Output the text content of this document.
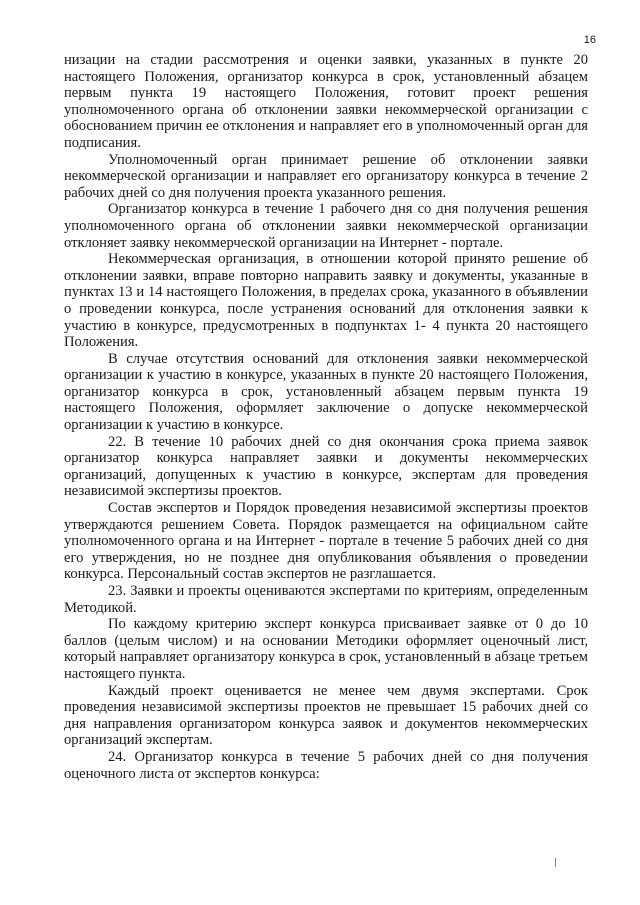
16

низации на стадии рассмотрения и оценки заявки, указанных в пункте 20 настоящего Положения, организатор конкурса в срок, установленный абзацем первым пункта 19 настоящего Положения, готовит проект решения уполномоченного органа об отклонении заявки некоммерческой организации с обоснованием причин ее отклонения и направляет его в уполномоченный орган для подписания.

Уполномоченный орган принимает решение об отклонении заявки некоммерческой организации и направляет его организатору конкурса в течение 2 рабочих дней со дня получения проекта указанного решения.

Организатор конкурса в течение 1 рабочего дня со дня получения решения уполномоченного органа об отклонении заявки некоммерческой организации отклоняет заявку некоммерческой организации на Интернет - портале.

Некоммерческая организация, в отношении которой принято решение об отклонении заявки, вправе повторно направить заявку и документы, указанные в пунктах 13 и 14 настоящего Положения, в пределах срока, указанного в объявлении о проведении конкурса, после устранения оснований для отклонения заявки к участию в конкурсе, предусмотренных в подпунктах 1- 4 пункта 20 настоящего Положения.

В случае отсутствия оснований для отклонения заявки некоммерческой организации к участию в конкурсе, указанных в пункте 20 настоящего Положения, организатор конкурса в срок, установленный абзацем первым пункта 19 настоящего Положения, оформляет заключение о допуске некоммерческой организации к участию в конкурсе.

22. В течение 10 рабочих дней со дня окончания срока приема заявок организатор конкурса направляет заявки и документы некоммерческих организаций, допущенных к участию в конкурсе, экспертам для проведения независимой экспертизы проектов.

Состав экспертов и Порядок проведения независимой экспертизы проектов утверждаются решением Совета. Порядок размещается на официальном сайте уполномоченного органа и на Интернет - портале в течение 5 рабочих дней со дня его утверждения, но не позднее дня опубликования объявления о проведении конкурса. Персональный состав экспертов не разглашается.

23. Заявки и проекты оцениваются экспертами по критериям, определенным Методикой.

По каждому критерию эксперт конкурса присваивает заявке от 0 до 10 баллов (целым числом) и на основании Методики оформляет оценочный лист, который направляет организатору конкурса в срок, установленный в абзаце третьем настоящего пункта.

Каждый проект оценивается не менее чем двумя экспертами. Срок проведения независимой экспертизы проектов не превышает 15 рабочих дней со дня направления организатором конкурса заявок и документов некоммерческих организаций экспертам.

24. Организатор конкурса в течение 5 рабочих дней со дня получения оценочного листа от экспертов конкурса:
